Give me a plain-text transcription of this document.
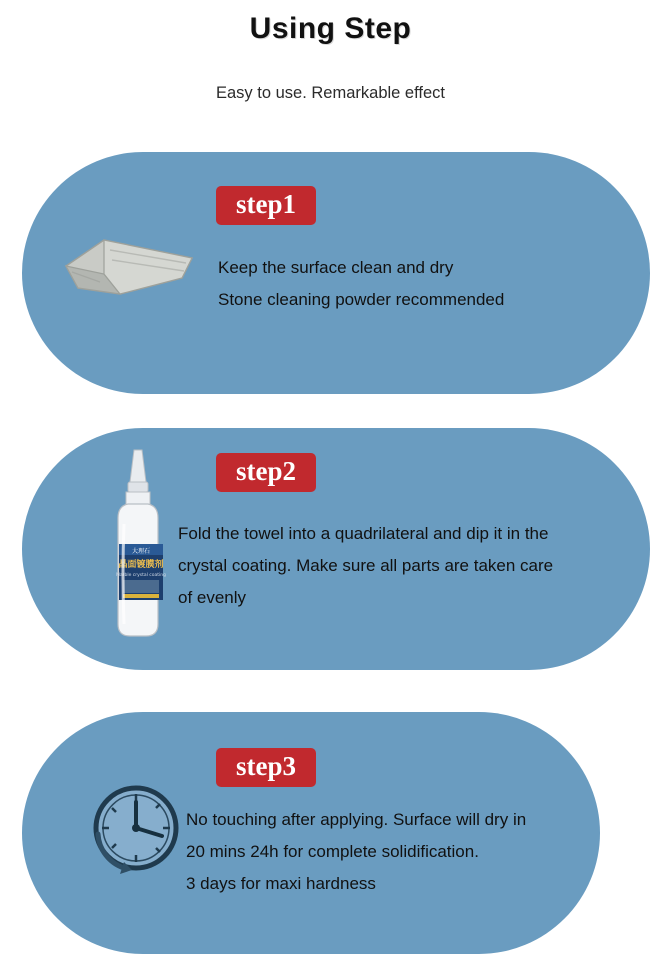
Using Step
Easy to use. Remarkable effect
step1
Keep the surface clean and dry
Stone cleaning powder recommended
大理石
晶面镀膜剂
Marble crystal coating
step2
Fold the towel into a quadrilateral and dip it in the
crystal coating. Make sure all parts are taken care
of evenly
step3
No touching after applying. Surface will dry in
20 mins 24h for complete solidification.
3 days for maxi hardness
